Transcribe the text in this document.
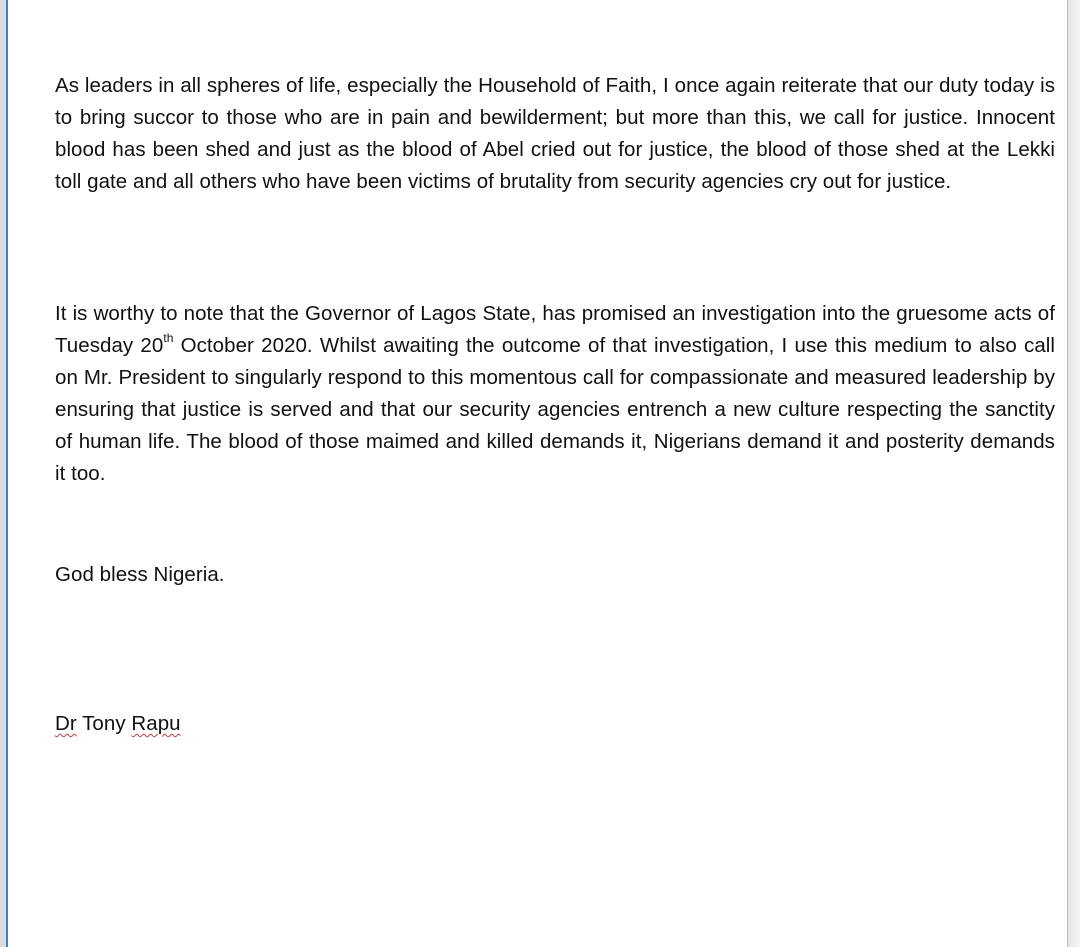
As leaders in all spheres of life, especially the Household of Faith, I once again reiterate that our duty today is to bring succor to those who are in pain and bewilderment; but more than this, we call for justice. Innocent blood has been shed and just as the blood of Abel cried out for justice, the blood of those shed at the Lekki toll gate and all others who have been victims of brutality from security agencies cry out for justice.

It is worthy to note that the Governor of Lagos State, has promised an investigation into the gruesome acts of Tuesday 20th October 2020. Whilst awaiting the outcome of that investigation, I use this medium to also call on Mr. President to singularly respond to this momentous call for compassionate and measured leadership by ensuring that justice is served and that our security agencies entrench a new culture respecting the sanctity of human life. The blood of those maimed and killed demands it, Nigerians demand it and posterity demands it too.

God bless Nigeria.

Dr Tony Rapu
